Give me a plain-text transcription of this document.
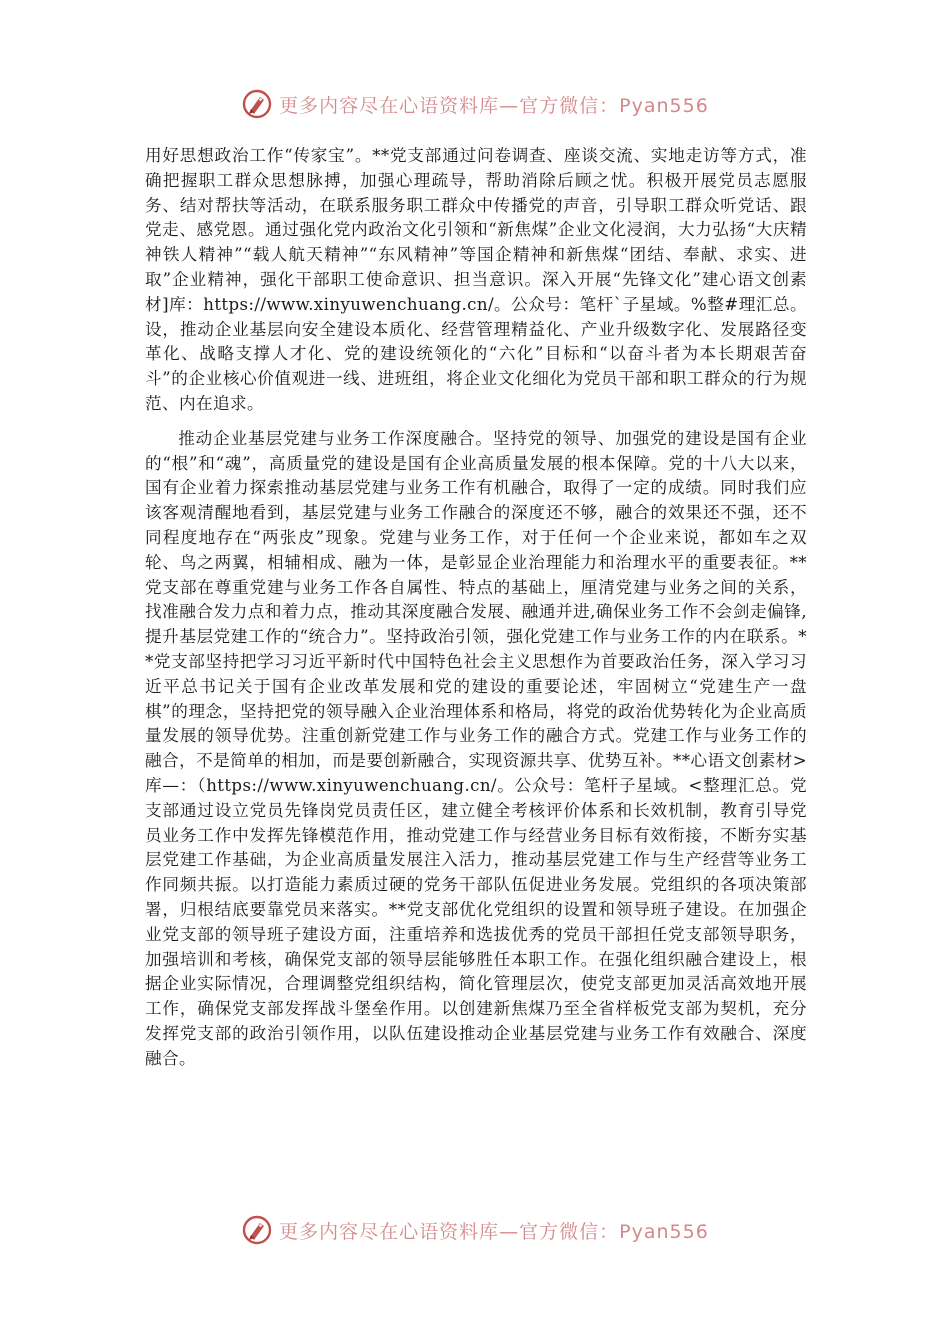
更多内容尽在心语资料库—官方微信：Pyan556

用好思想政治工作“传家宝”。**党支部通过问卷调查、座谈交流、实地走访等方式，准确把握职工群众思想脉搏，加强心理疏导，帮助消除后顾之忧。积极开展党员志愿服务、结对帮扶等活动，在联系服务职工群众中传播党的声音，引导职工群众听党话、跟党走、感党恩。通过强化党内政治文化引领和“新焦煤”企业文化浸润，大力弘扬“大庆精神铁人精神”“载人航天精神”“东风精神”等国企精神和新焦煤“团结、奉献、求实、进取”企业精神，强化干部职工使命意识、担当意识。深入开展“先锋文化”建心语文创素材]库：https://www.xinyuwenchuang.cn/。公众号：笔杆`子星域。%整#理汇总。设，推动企业基层向安全建设本质化、经营管理精益化、产业升级数字化、发展路径变革化、战略支撑人才化、党的建设统领化的“六化”目标和“以奋斗者为本长期艰苦奋斗”的企业核心价值观进一线、进班组，将企业文化细化为党员干部和职工群众的行为规范、内在追求。

推动企业基层党建与业务工作深度融合。坚持党的领导、加强党的建设是国有企业的“根”和“魂”，高质量党的建设是国有企业高质量发展的根本保障。党的十八大以来，国有企业着力探索推动基层党建与业务工作有机融合，取得了一定的成绩。同时我们应该客观清醒地看到，基层党建与业务工作融合的深度还不够，融合的效果还不强，还不同程度地存在“两张皮”现象。党建与业务工作，对于任何一个企业来说，都如车之双轮、鸟之两翼，相辅相成、融为一体，是彰显企业治理能力和治理水平的重要表征。**党支部在尊重党建与业务工作各自属性、特点的基础上，厘清党建与业务之间的关系，找准融合发力点和着力点，推动其深度融合发展、融通并进,确保业务工作不会剑走偏锋,提升基层党建工作的“统合力”。坚持政治引领，强化党建工作与业务工作的内在联系。**党支部坚持把学习习近平新时代中国特色社会主义思想作为首要政治任务，深入学习习近平总书记关于国有企业改革发展和党的建设的重要论述，牢固树立“党建生产一盘棋”的理念，坚持把党的领导融入企业治理体系和格局，将党的政治优势转化为企业高质量发展的领导优势。注重创新党建工作与业务工作的融合方式。党建工作与业务工作的融合，不是简单的相加，而是要创新融合，实现资源共享、优势互补。**心语文创素材>库—：（https://www.xinyuwenchuang.cn/。公众号：笔杆子星域。<整理汇总。党支部通过设立党员先锋岗党员责任区，建立健全考核评价体系和长效机制，教育引导党员业务工作中发挥先锋模范作用，推动党建工作与经营业务目标有效衔接，不断夯实基层党建工作基础，为企业高质量发展注入活力，推动基层党建工作与生产经营等业务工作同频共振。以打造能力素质过硬的党务干部队伍促进业务发展。党组织的各项决策部署，归根结底要靠党员来落实。**党支部优化党组织的设置和领导班子建设。在加强企业党支部的领导班子建设方面，注重培养和选拔优秀的党员干部担任党支部领导职务，加强培训和考核，确保党支部的领导层能够胜任本职工作。在强化组织融合建设上，根据企业实际情况，合理调整党组织结构，简化管理层次，使党支部更加灵活高效地开展工作，确保党支部发挥战斗堡垒作用。以创建新焦煤乃至全省样板党支部为契机，充分发挥党支部的政治引领作用，以队伍建设推动企业基层党建与业务工作有效融合、深度融合。

更多内容尽在心语资料库—官方微信：Pyan556
